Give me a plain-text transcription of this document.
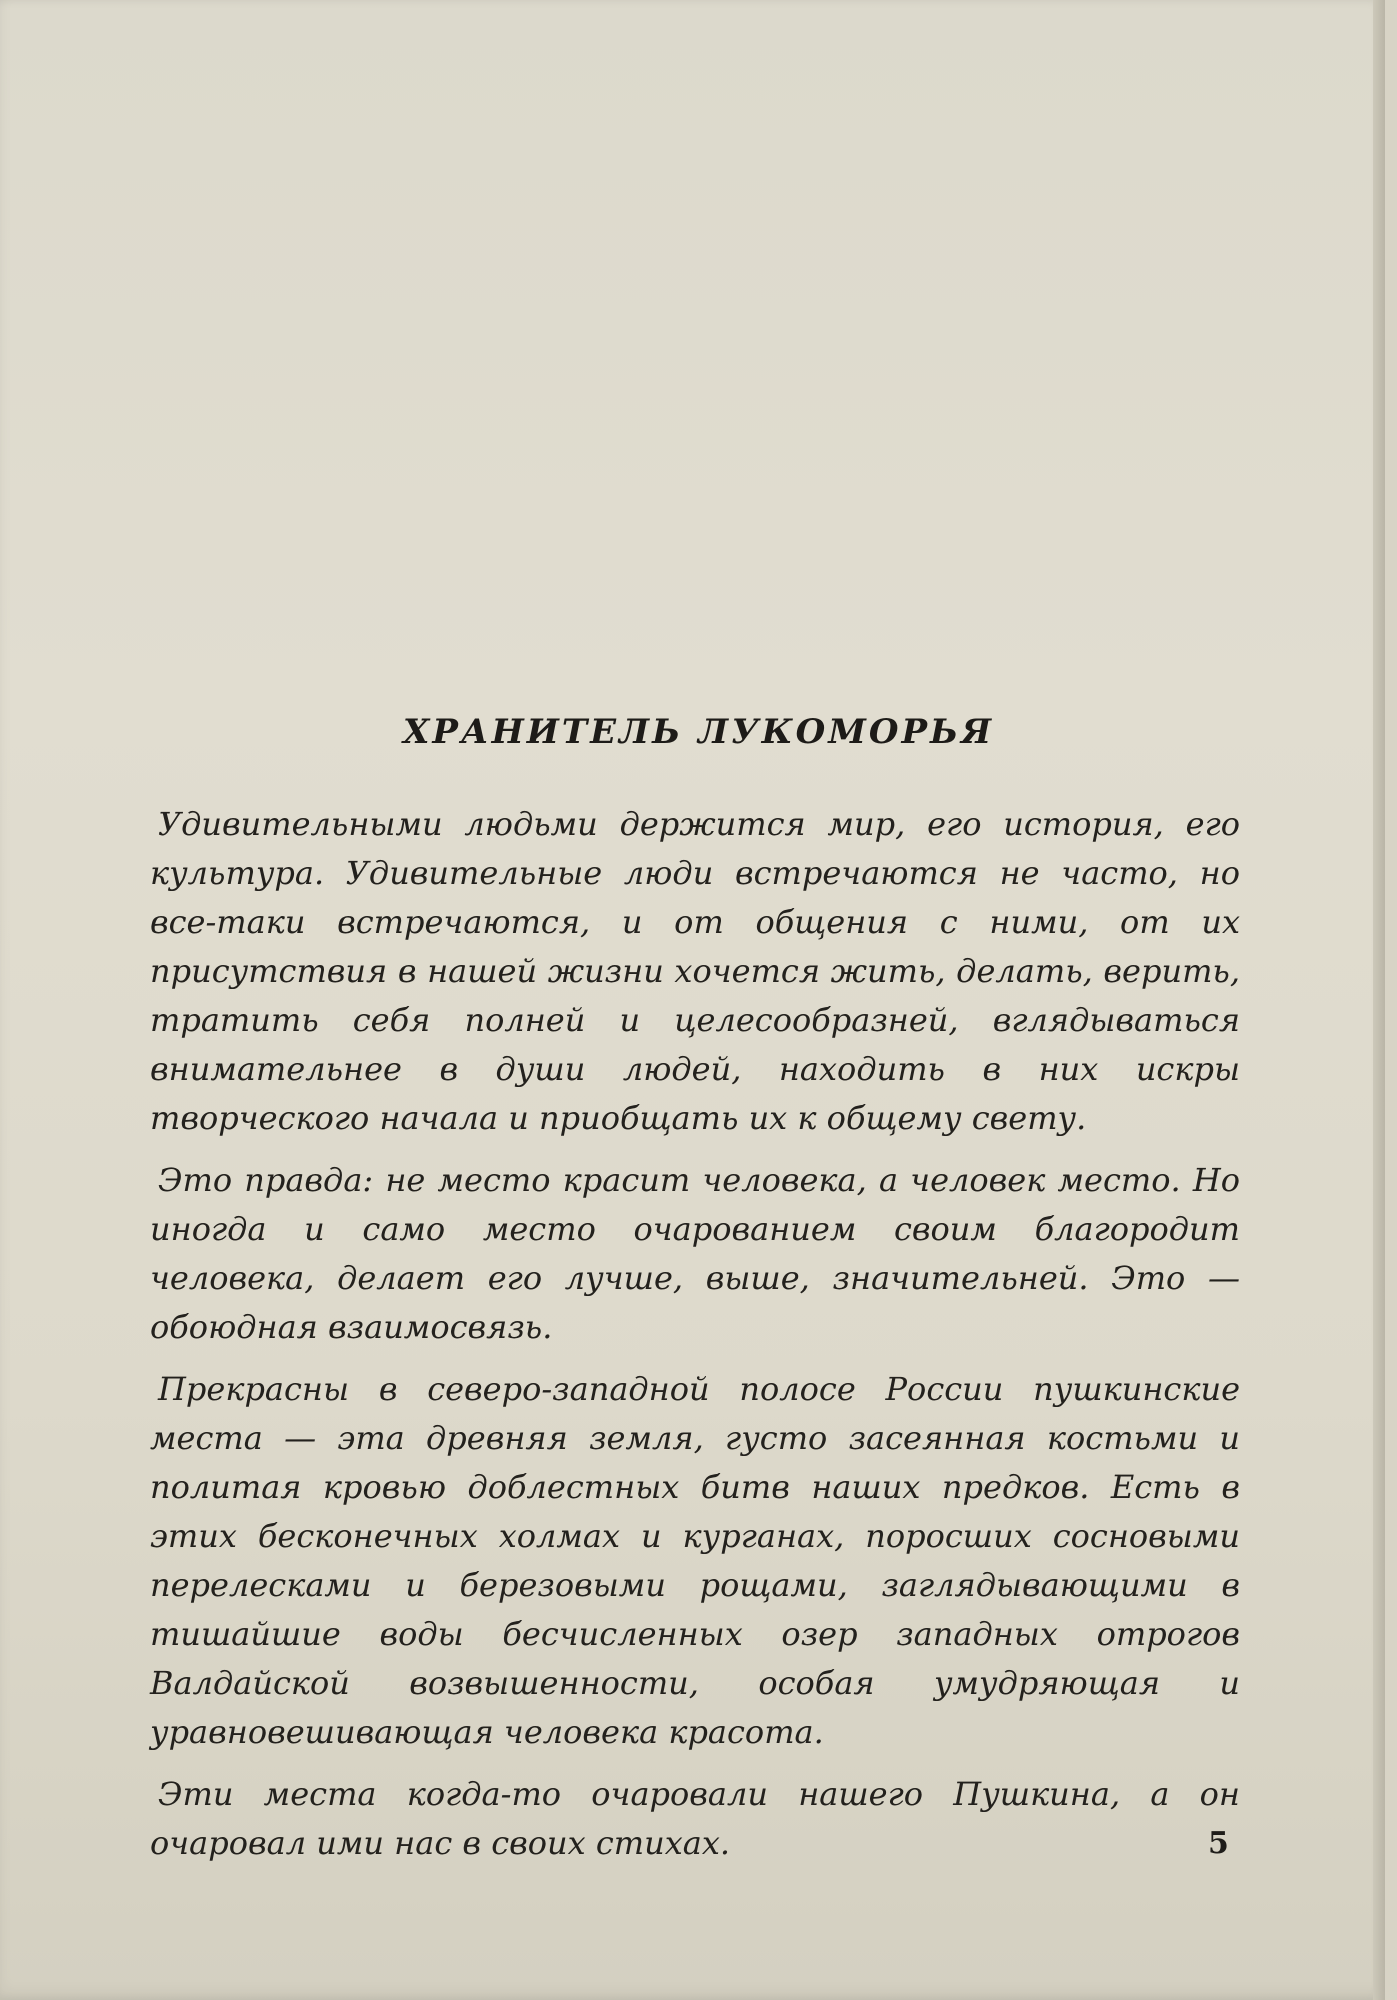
ХРАНИТЕЛЬ ЛУКОМОРЬЯ

Удивительными людьми держится мир, его история, его культура. Удивительные люди встречаются не часто, но все-таки встречаются, и от общения с ними, от их присутствия в нашей жизни хочется жить, делать, верить, тратить себя полней и целесообразней, вглядываться внимательнее в души людей, находить в них искры творческого начала и приобщать их к общему свету.

Это правда: не место красит человека, а человек место. Но иногда и само место очарованием своим благородит человека, делает его лучше, выше, значительней. Это — обоюдная взаимосвязь.

Прекрасны в северо-западной полосе России пушкинские места — эта древняя земля, густо засеянная костьми и политая кровью доблестных битв наших предков. Есть в этих бесконечных холмах и курганах, поросших сосновыми перелесками и березовыми рощами, заглядывающими в тишайшие воды бесчисленных озер западных отрогов Валдайской возвышенности, особая умудряющая и уравновешивающая человека красота.

Эти места когда-то очаровали нашего Пушкина, а он очаровал ими нас в своих стихах.	5
